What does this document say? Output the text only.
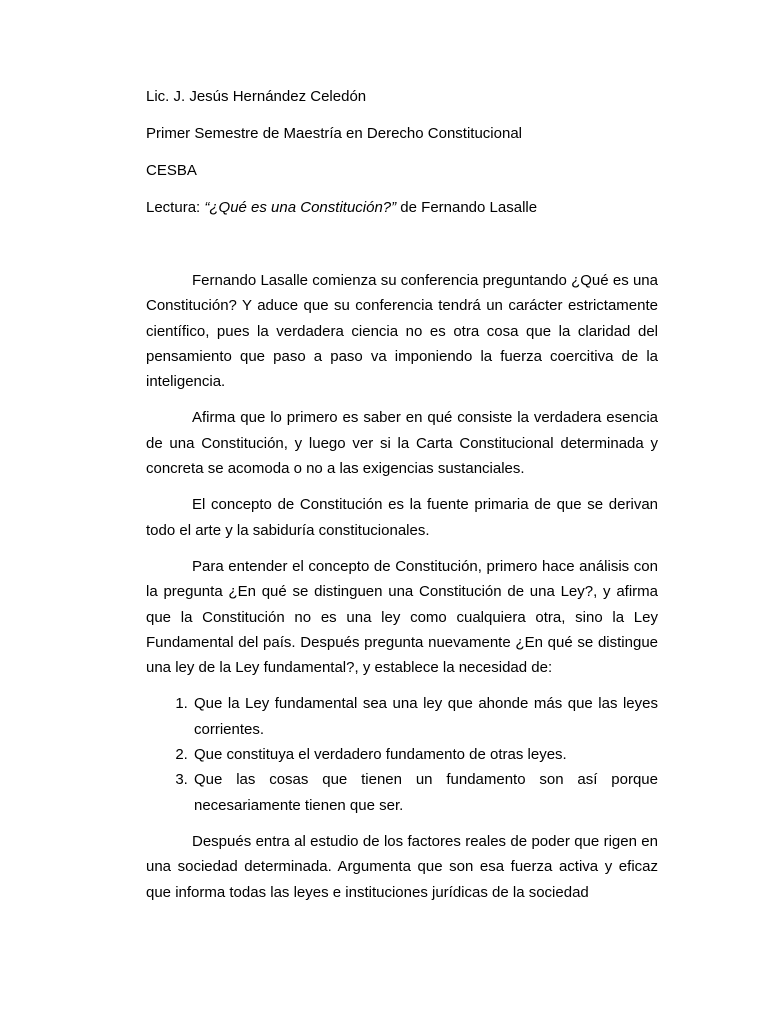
Lic. J. Jesús Hernández Celedón

Primer Semestre de Maestría en Derecho Constitucional

CESBA

Lectura: “¿Qué es una Constitución?” de Fernando Lasalle

Fernando Lasalle comienza su conferencia preguntando ¿Qué es una Constitución? Y aduce que su conferencia tendrá un carácter estrictamente científico, pues la verdadera ciencia no es otra cosa que la claridad del pensamiento que paso a paso va imponiendo la fuerza coercitiva de la inteligencia.

Afirma que lo primero es saber en qué consiste la verdadera esencia de una Constitución, y luego ver si la Carta Constitucional determinada y concreta se acomoda o no a las exigencias sustanciales.

El concepto de Constitución es la fuente primaria de que se derivan todo el arte y la sabiduría constitucionales.

Para entender el concepto de Constitución, primero hace análisis con la pregunta ¿En qué se distinguen una Constitución de una Ley?, y afirma que la Constitución no es una ley como cualquiera otra, sino la Ley Fundamental del país. Después pregunta nuevamente ¿En qué se distingue una ley de la Ley fundamental?, y establece la necesidad de:

1. Que la Ley fundamental sea una ley que ahonde más que las leyes corrientes.
2. Que constituya el verdadero fundamento de otras leyes.
3. Que las cosas que tienen un fundamento son así porque necesariamente tienen que ser.

Después entra al estudio de los factores reales de poder que rigen en una sociedad determinada. Argumenta que son esa fuerza activa y eficaz que informa todas las leyes e instituciones jurídicas de la sociedad
